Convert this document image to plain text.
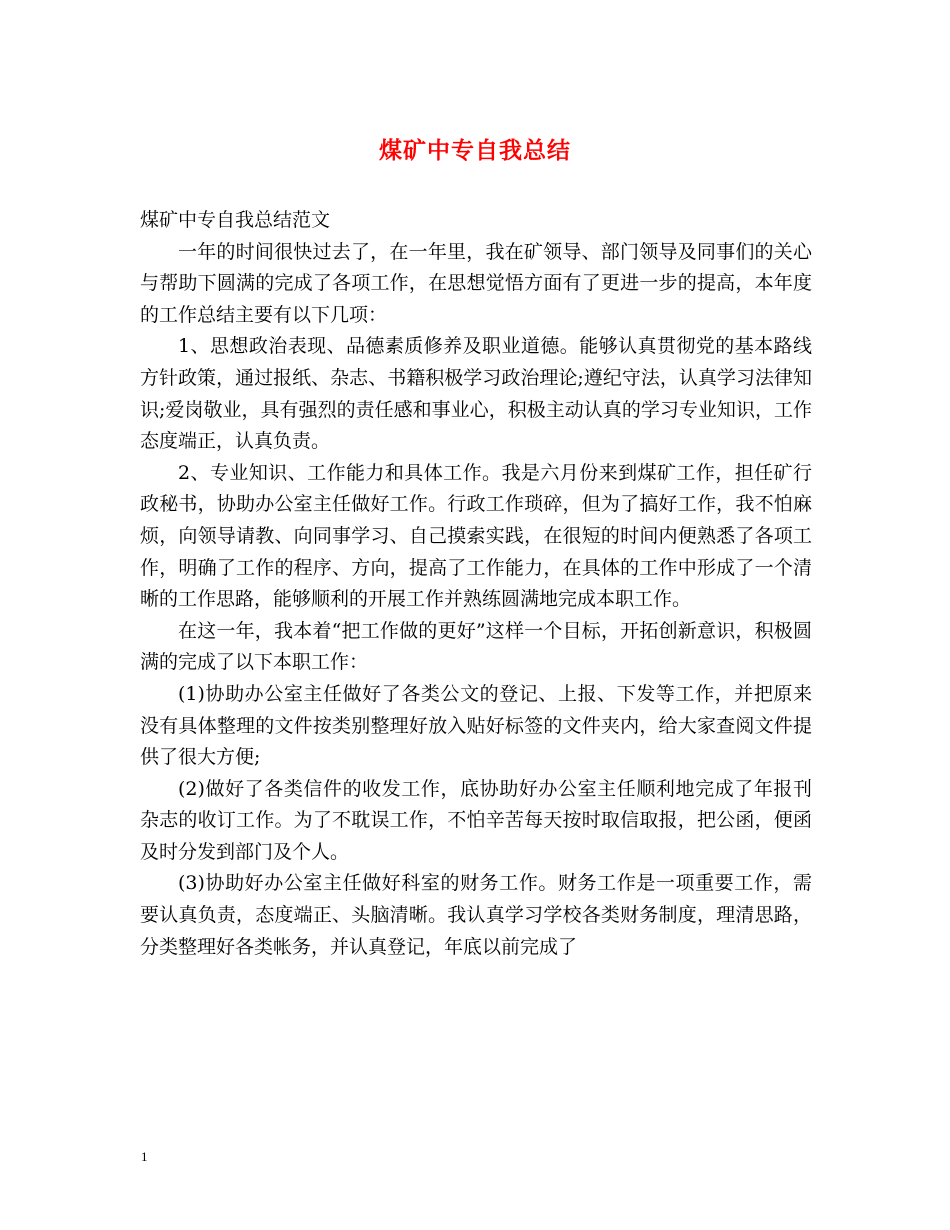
煤矿中专自我总结

煤矿中专自我总结范文

一年的时间很快过去了，在一年里，我在矿领导、部门领导及同事们的关心与帮助下圆满的完成了各项工作，在思想觉悟方面有了更进一步的提高，本年度的工作总结主要有以下几项：

1、思想政治表现、品德素质修养及职业道德。能够认真贯彻党的基本路线方针政策，通过报纸、杂志、书籍积极学习政治理论;遵纪守法，认真学习法律知识;爱岗敬业，具有强烈的责任感和事业心，积极主动认真的学习专业知识，工作态度端正，认真负责。

2、专业知识、工作能力和具体工作。我是六月份来到煤矿工作，担任矿行政秘书，协助办公室主任做好工作。行政工作琐碎，但为了搞好工作，我不怕麻烦，向领导请教、向同事学习、自己摸索实践，在很短的时间内便熟悉了各项工作，明确了工作的程序、方向，提高了工作能力，在具体的工作中形成了一个清晰的工作思路，能够顺利的开展工作并熟练圆满地完成本职工作。

在这一年，我本着“把工作做的更好”这样一个目标，开拓创新意识，积极圆满的完成了以下本职工作：

(1)协助办公室主任做好了各类公文的登记、上报、下发等工作，并把原来没有具体整理的文件按类别整理好放入贴好标签的文件夹内，给大家查阅文件提供了很大方便;

(2)做好了各类信件的收发工作，底协助好办公室主任顺利地完成了年报刊杂志的收订工作。为了不耽误工作，不怕辛苦每天按时取信取报，把公函，便函及时分发到部门及个人。

(3)协助好办公室主任做好科室的财务工作。财务工作是一项重要工作，需要认真负责，态度端正、头脑清晰。我认真学习学校各类财务制度，理清思路，分类整理好各类帐务，并认真登记，年底以前完成了

1
